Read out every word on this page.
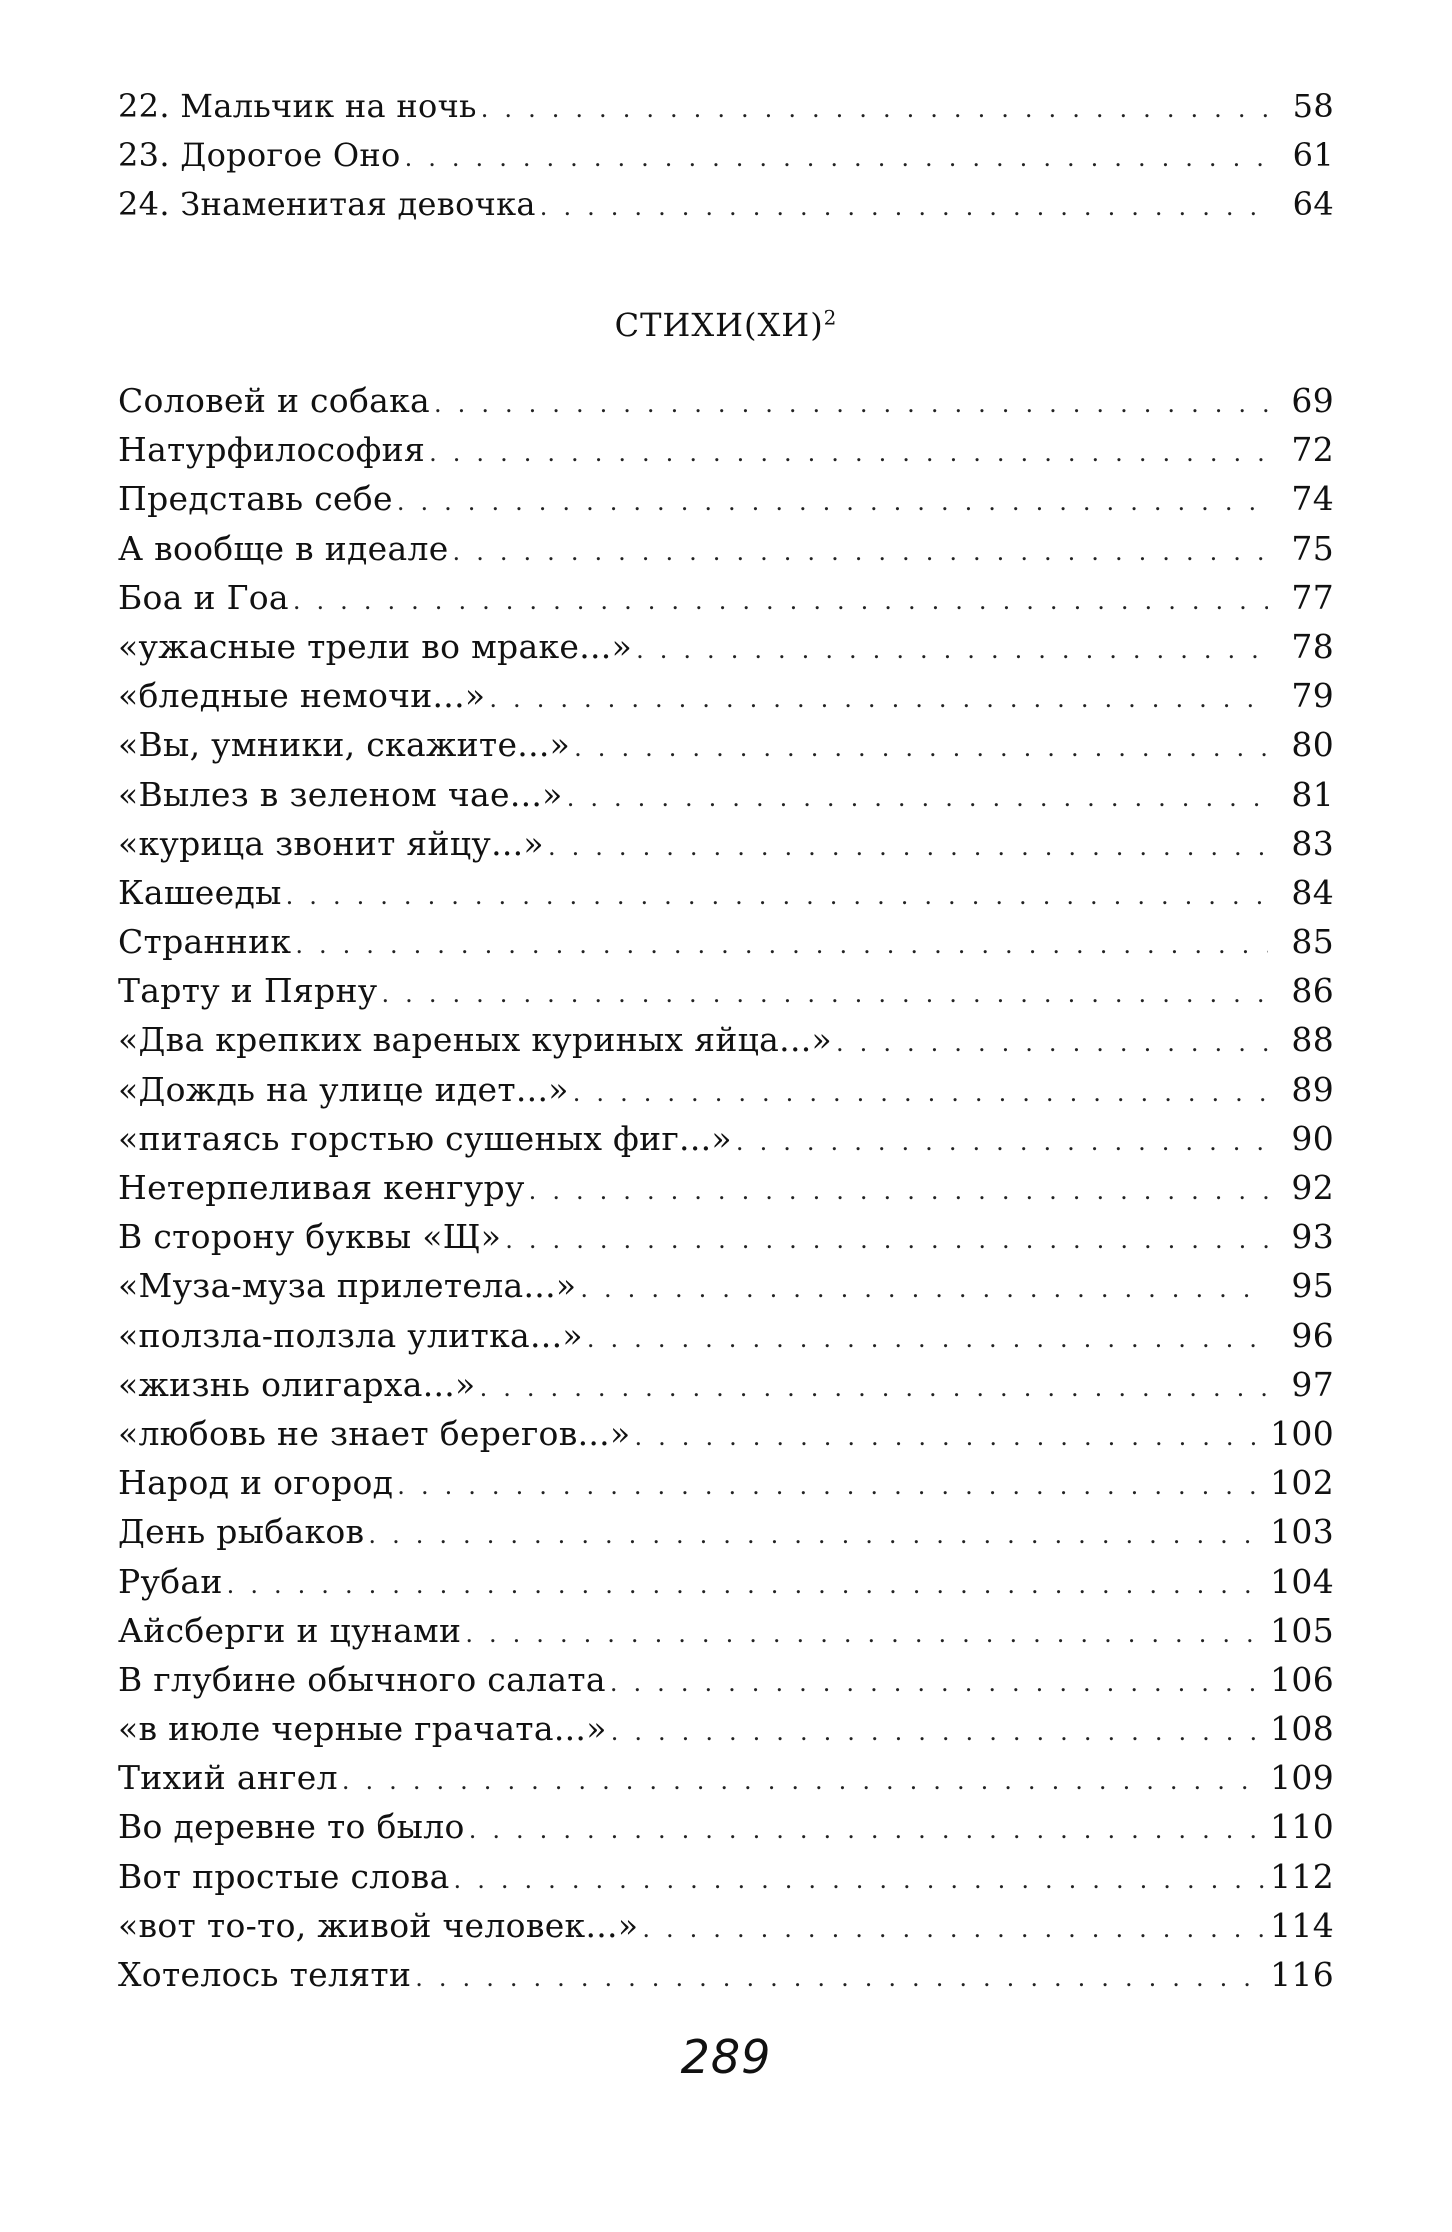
22. Мальчик на ночь . . .	58
23. Дорогое Оно . . .	61
24. Знаменитая девочка . . .	64
СТИХИ(ХИ)$^2$
Соловей и собака . . .	69
Натурфилософия . . .	72
Представь себе . . .	74
А вообще в идеале . . .	75
Боа и Гоа . . .	77
«ужасные трели во мраке...» . . .	78
«бледные немочи...» . . .	79
«Вы, умники, скажите...» . . .	80
«Вылез в зеленом чае...» . . .	81
«курица звонит яйцу...» . . .	83
Кашееды . . .	84
Странник . . .	85
Тарту и Пярну . . .	86
«Два крепких вареных куриных яйца...» . . .	88
«Дождь на улице идет...» . . .	89
«питаясь горстью сушеных фиг...» . . .	90
Нетерпеливая кенгуру . . .	92
В сторону буквы «Щ» . . .	93
«Муза-муза прилетела...» . . .	95
«ползла-ползла улитка...» . . .	96
«жизнь олигарха...» . . .	97
«любовь не знает берегов...» . . .	100
Народ и огород . . .	102
День рыбаков . . .	103
Рубаи . . .	104
Айсберги и цунами . . .	105
В глубине обычного салата . . .	106
«в июле черные грачата...» . . .	108
Тихий ангел . . .	109
Во деревне то было . . .	110
Вот простые слова . . .	112
«вот то-то, живой человек...» . . .	114
Хотелось теляти . . .	116
289
